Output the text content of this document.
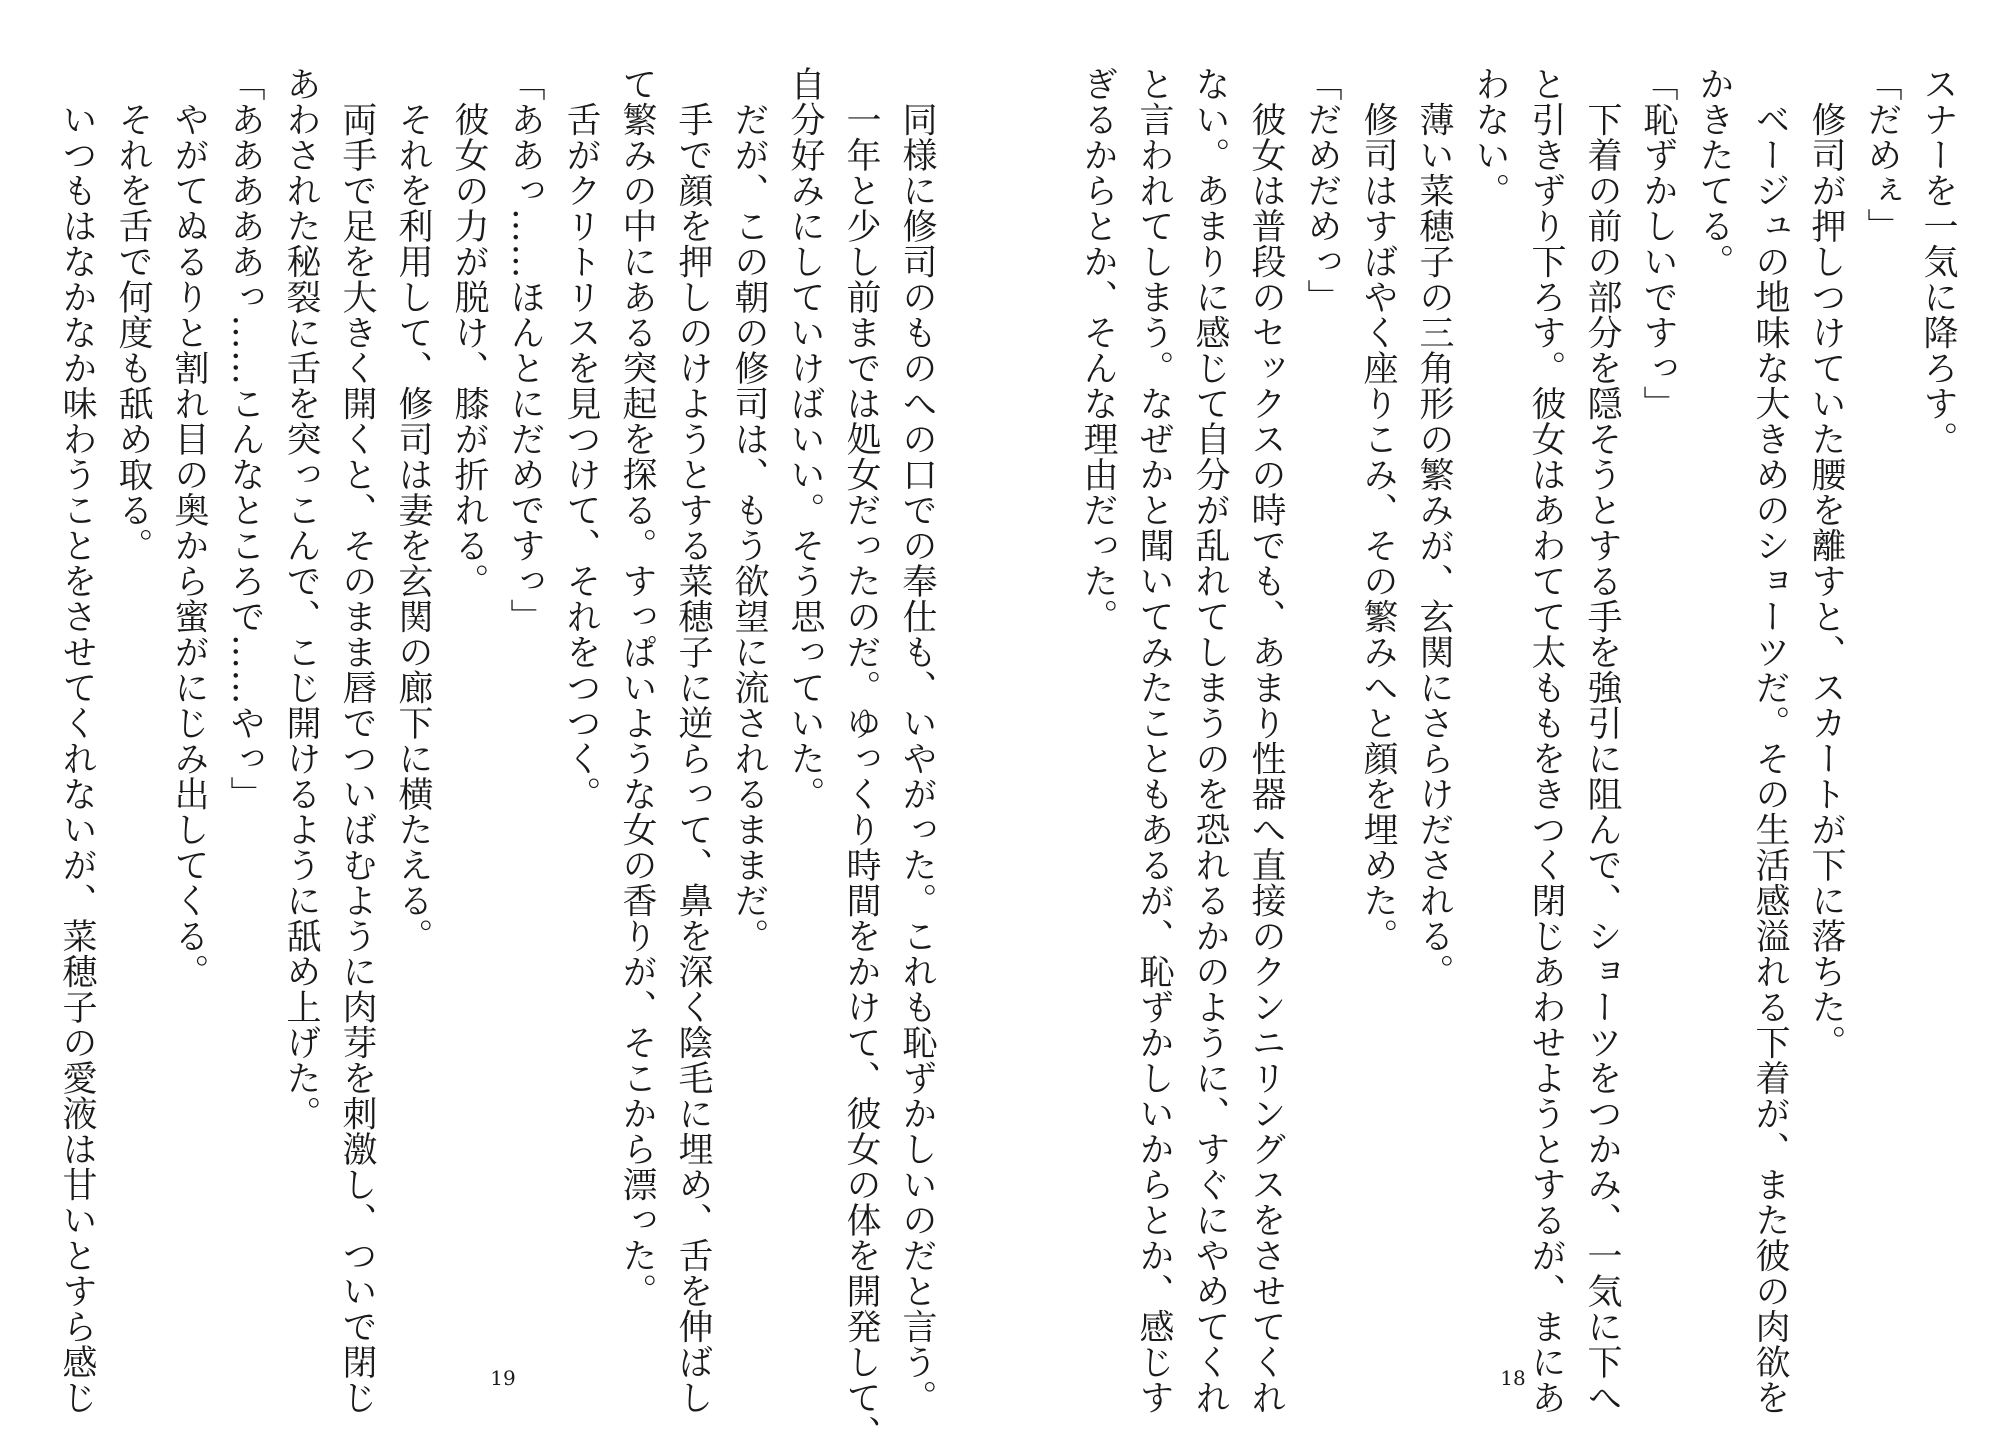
スナーを一気に降ろす。
「だめぇ」
　修司が押しつけていた腰を離すと、スカートが下に落ちた。
　ベージュの地味な大きめのショーツだ。その生活感溢れる下着が、また彼の肉欲を
かきたてる。
「恥ずかしいですっ」
　下着の前の部分を隠そうとする手を強引に阻んで、ショーツをつかみ、一気に下へ
と引きずり下ろす。彼女はあわてて太ももをきつく閉じあわせようとするが、まにあ
わない。
　薄い菜穂子の三角形の繁みが、玄関にさらけだされる。
　修司はすばやく座りこみ、その繁みへと顔を埋めた。
「だめだめっ」
　彼女は普段のセックスの時でも、あまり性器へ直接のクンニリングスをさせてくれ
ない。あまりに感じて自分が乱れてしまうのを恐れるかのように、すぐにやめてくれ
と言われてしまう。なぜかと聞いてみたこともあるが、恥ずかしいからとか、感じす
ぎるからとか、そんな理由だった。
　同様に修司のものへの口での奉仕も、いやがった。これも恥ずかしいのだと言う。
　一年と少し前までは処女だったのだ。ゆっくり時間をかけて、彼女の体を開発して、
自分好みにしていけばいい。そう思っていた。
　だが、この朝の修司は、もう欲望に流されるままだ。
　手で顔を押しのけようとする菜穂子に逆らって、鼻を深く陰毛に埋め、舌を伸ばし
て繁みの中にある突起を探る。すっぱいような女の香りが、そこから漂った。
　舌がクリトリスを見つけて、それをつつく。
「ああっ……ほんとにだめですっ」
　彼女の力が脱け、膝が折れる。
　それを利用して、修司は妻を玄関の廊下に横たえる。
　両手で足を大きく開くと、そのまま唇でついばむように肉芽を刺激し、ついで閉じ
あわされた秘裂に舌を突っこんで、こじ開けるように舐め上げた。
「あああああっ……こんなところで……やっ」
　やがてぬるりと割れ目の奥から蜜がにじみ出してくる。
　それを舌で何度も舐め取る。
　いつもはなかなか味わうことをさせてくれないが、菜穂子の愛液は甘いとすら感じ	19	18
